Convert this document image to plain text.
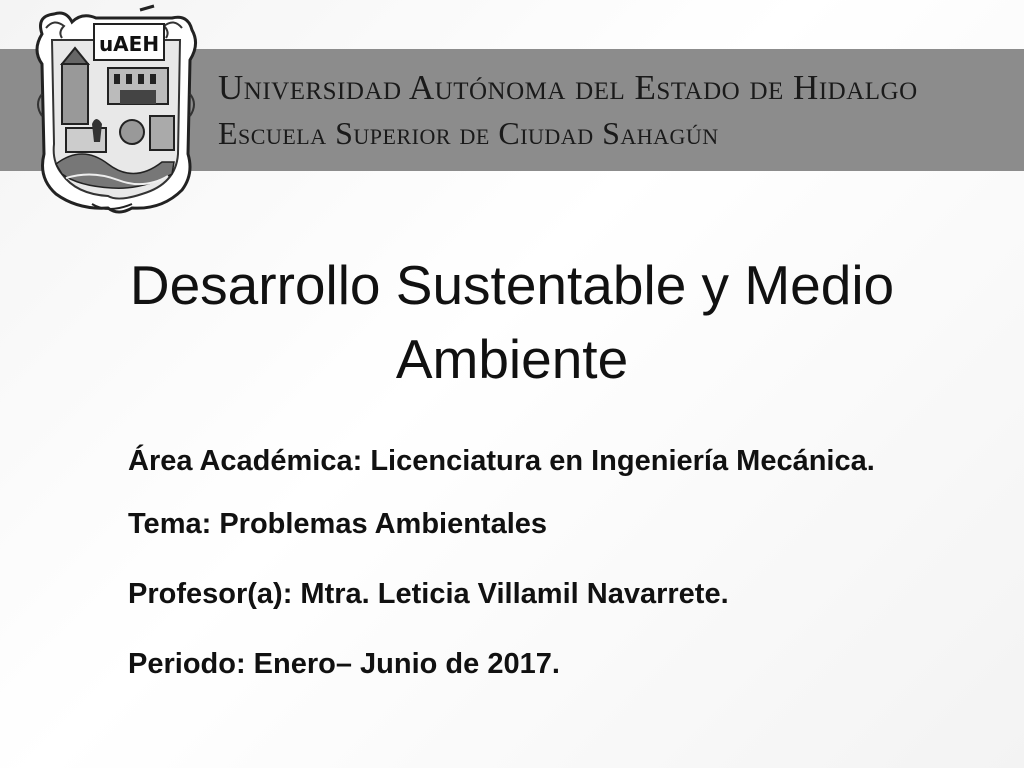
Universidad Autónoma del Estado de Hidalgo
Escuela Superior de Ciudad Sahagún
uAEH
Desarrollo Sustentable y Medio
Ambiente

Área Académica: Licenciatura en Ingeniería Mecánica.

Tema: Problemas Ambientales

Profesor(a): Mtra. Leticia Villamil Navarrete.

Periodo: Enero– Junio de 2017.
